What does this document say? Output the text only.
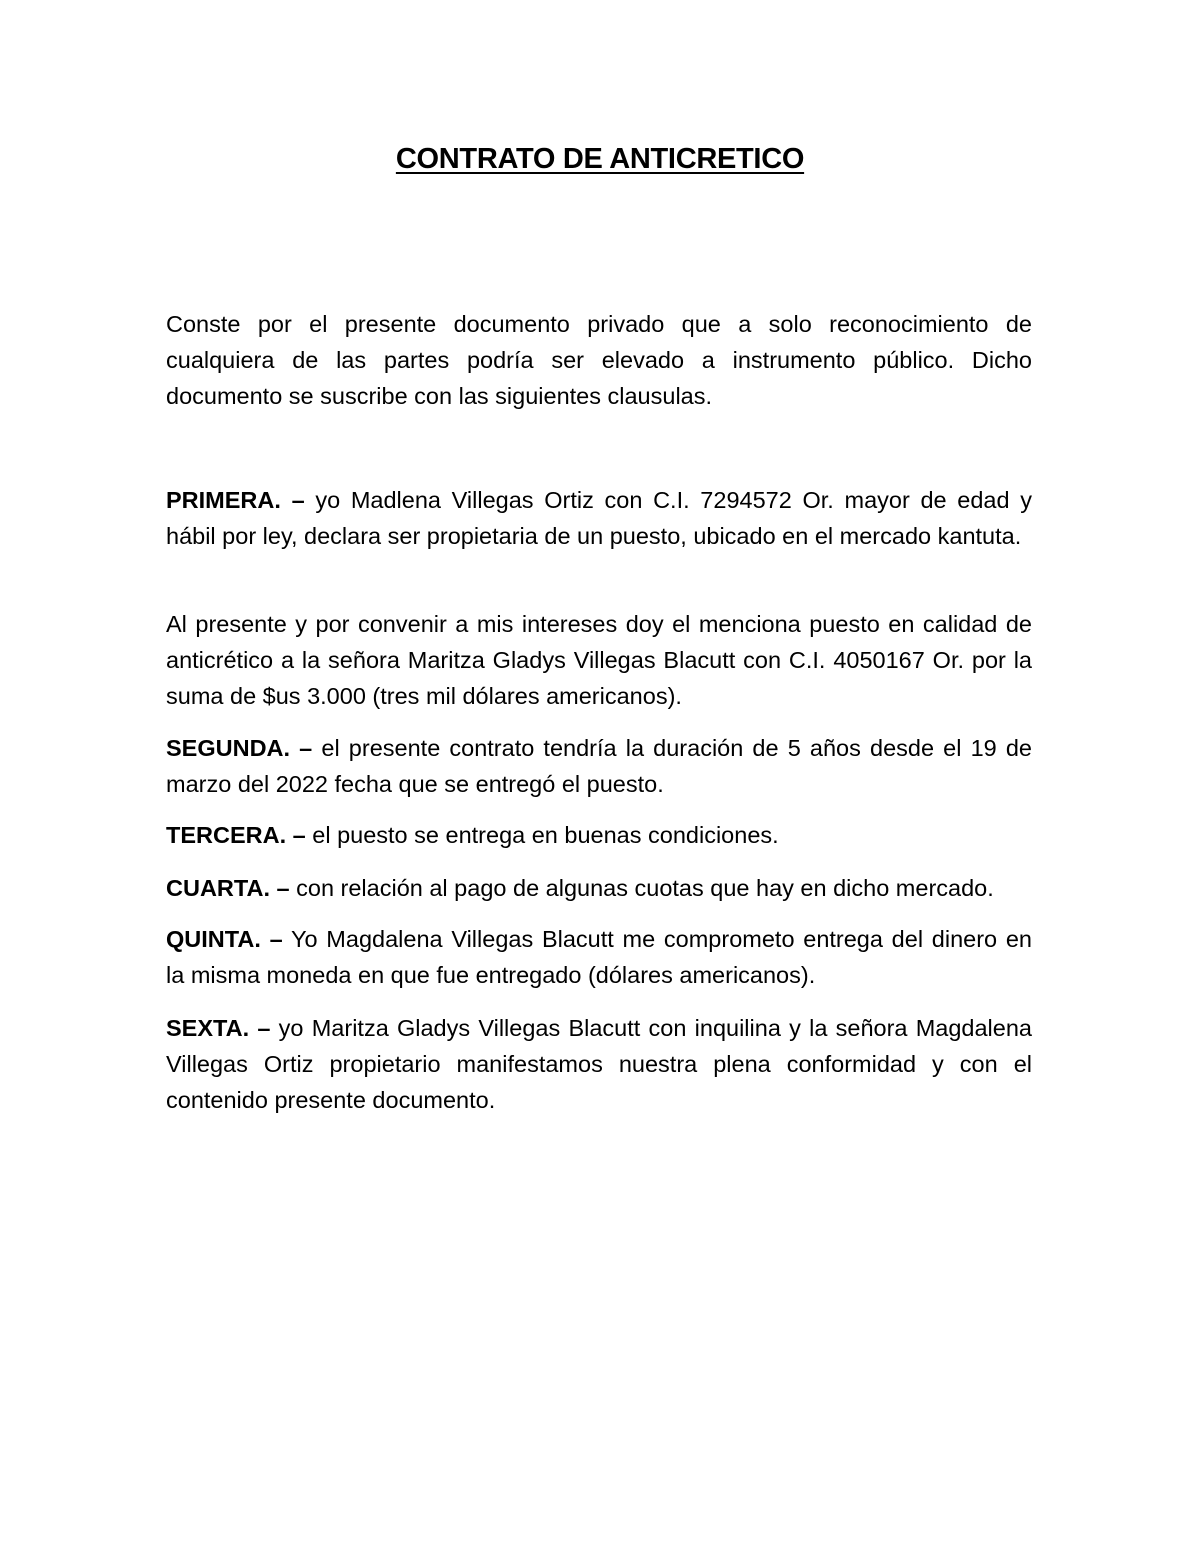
CONTRATO DE ANTICRETICO

Conste por el presente documento privado que a solo reconocimiento de cualquiera de las partes podría ser elevado a instrumento público. Dicho documento se suscribe con las siguientes clausulas.

PRIMERA. – yo Madlena Villegas Ortiz con C.I. 7294572 Or. mayor de edad y hábil por ley, declara ser propietaria de un puesto, ubicado en el mercado kantuta.

Al presente y por convenir a mis intereses doy el menciona puesto en calidad de anticrético a la señora Maritza Gladys Villegas Blacutt con C.I. 4050167 Or. por la suma de $us 3.000 (tres mil dólares americanos).

SEGUNDA. – el presente contrato tendría la duración de 5 años desde el 19 de marzo del 2022 fecha que se entregó el puesto.

TERCERA. – el puesto se entrega en buenas condiciones.

CUARTA. – con relación al pago de algunas cuotas que hay en dicho mercado.

QUINTA. – Yo Magdalena Villegas Blacutt me comprometo entrega del dinero en la misma moneda en que fue entregado (dólares americanos).

SEXTA. – yo Maritza Gladys Villegas Blacutt con inquilina y la señora Magdalena Villegas Ortiz propietario manifestamos nuestra plena conformidad y con el contenido presente documento.
